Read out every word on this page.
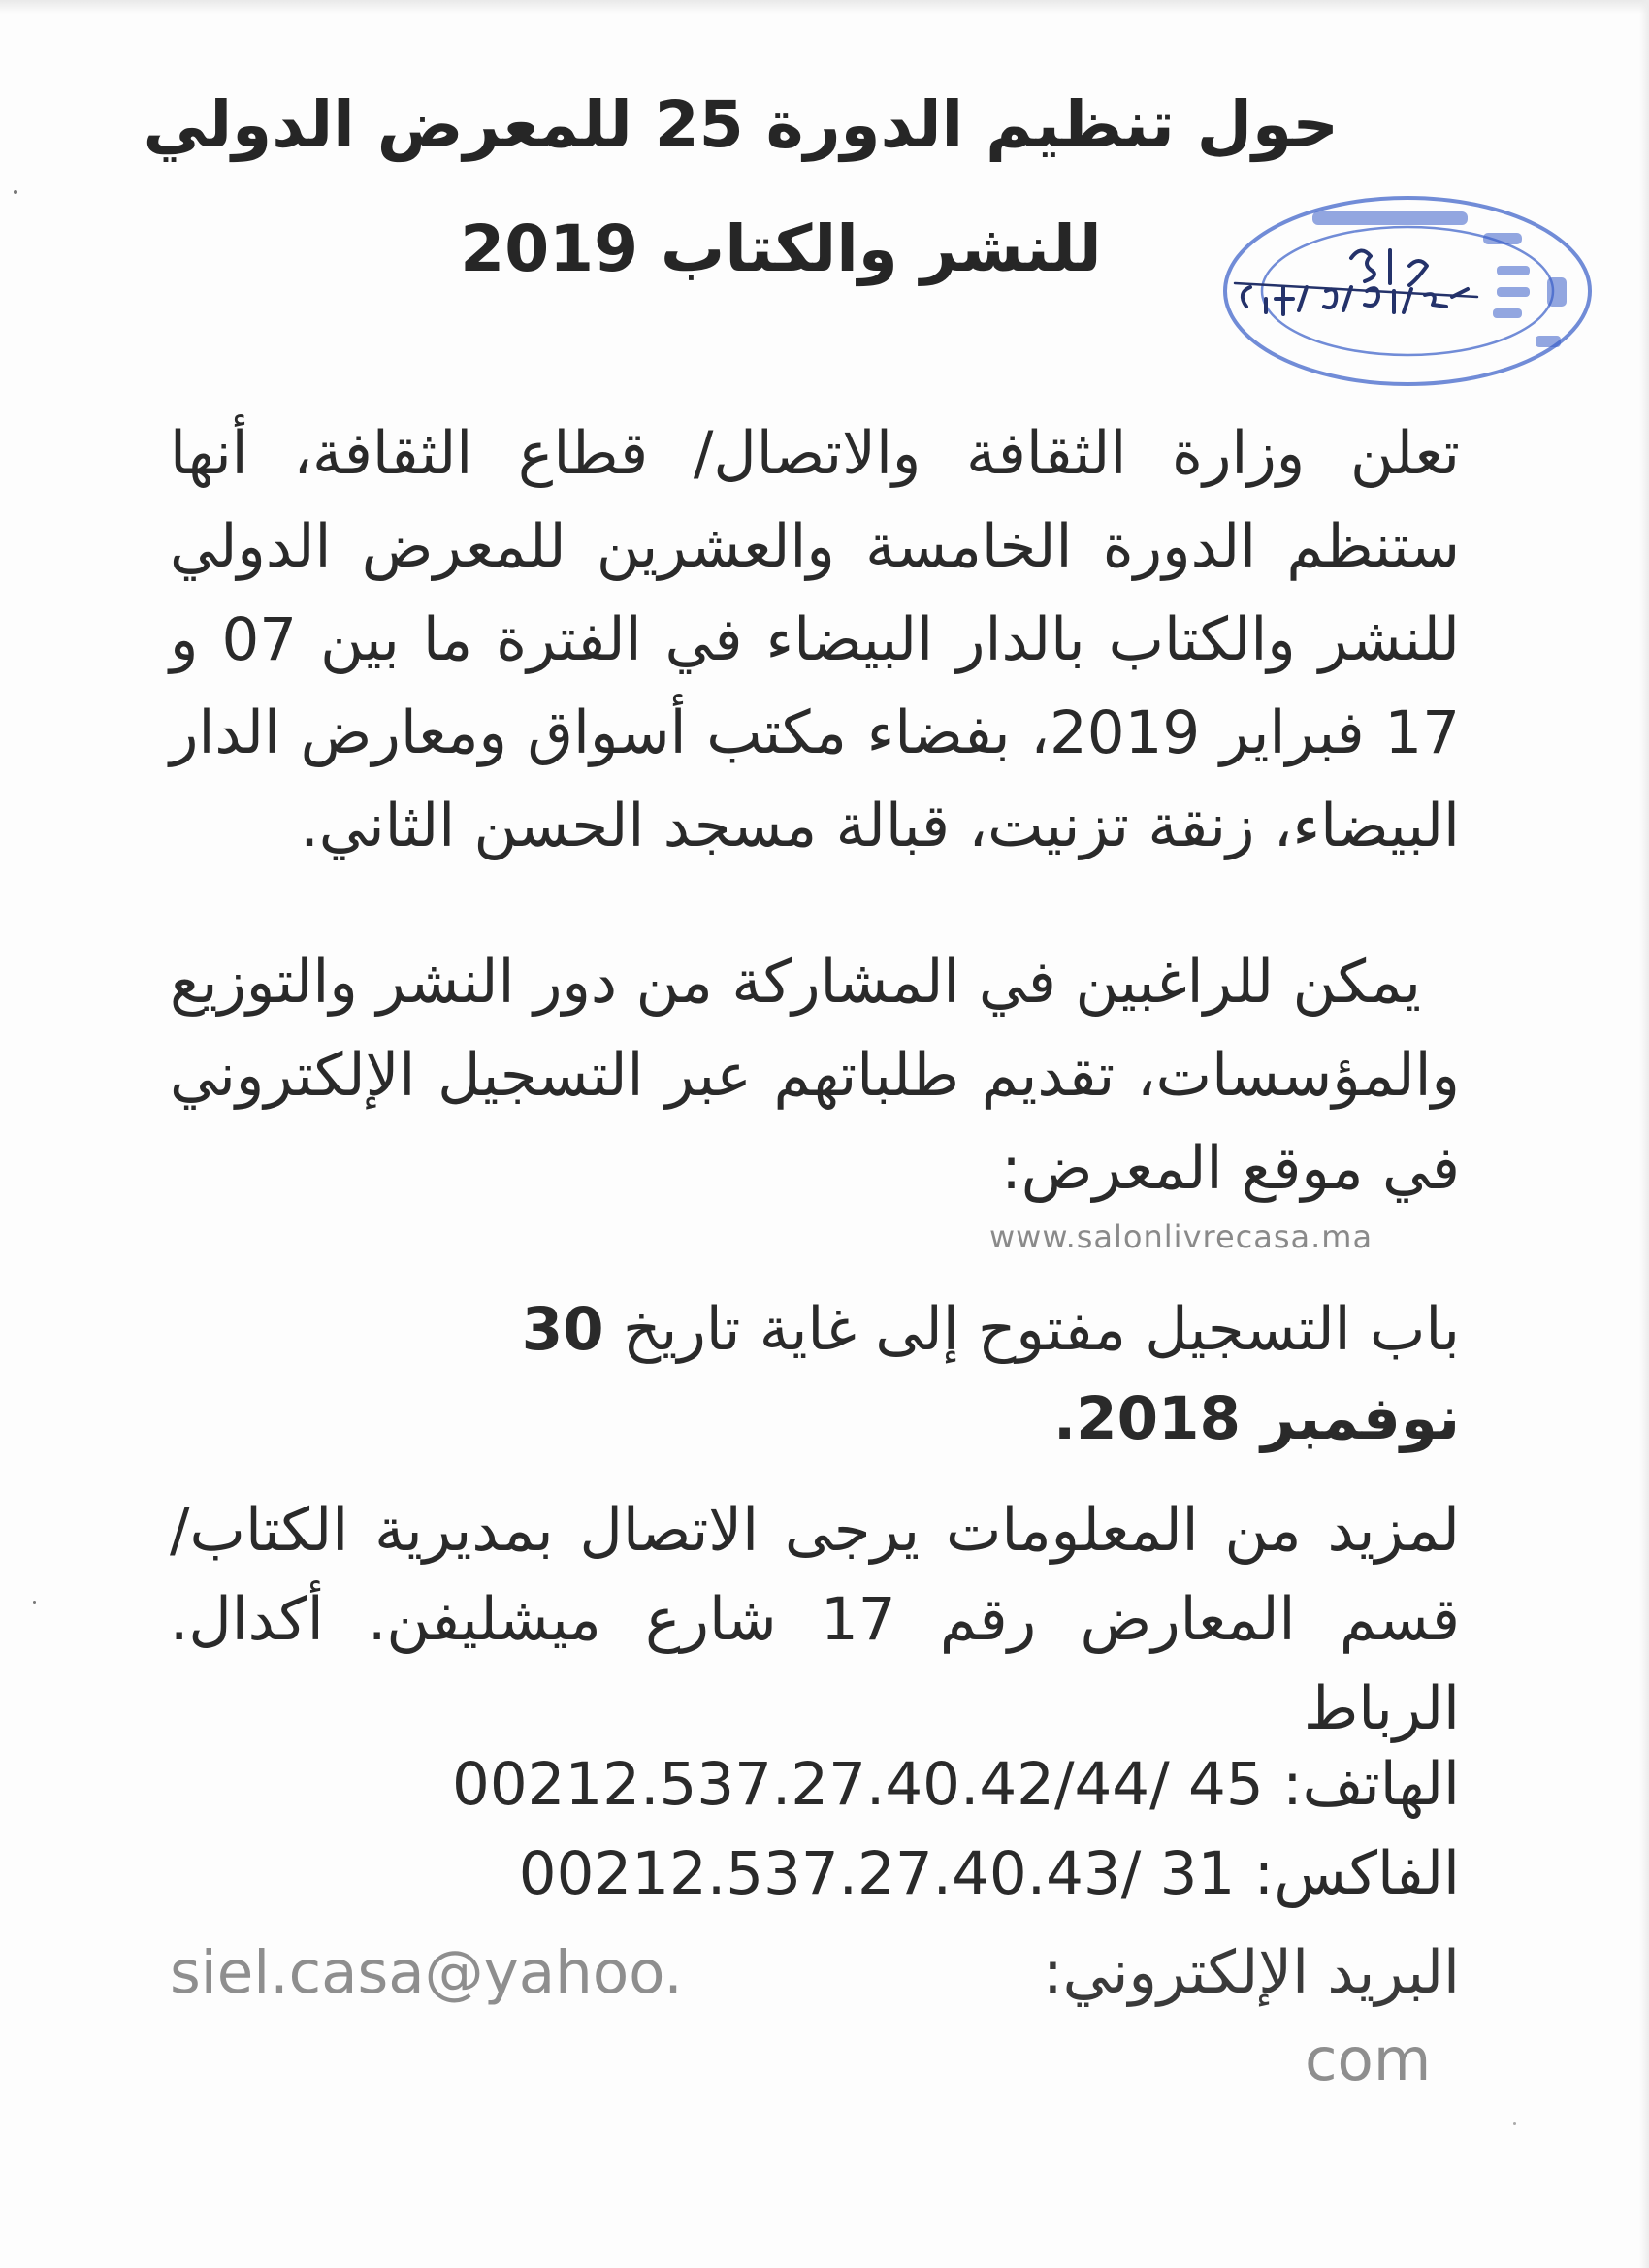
حول تنظيم الدورة 25 للمعرض الدولي
للنشر والكتاب 2019
تعلن وزارة الثقافة والاتصال/ قطاع الثقافة، أنها ستنظم الدورة الخامسة والعشرين للمعرض الدولي للنشر والكتاب بالدار البيضاء في الفترة ما بين 07 و 17 فبراير 2019، بفضاء مكتب أسواق ومعارض الدار البيضاء، زنقة تزنيت، قبالة مسجد الحسن الثاني.
يمكن للراغبين في المشاركة من دور النشر والتوزيع والمؤسسات، تقديم طلباتهم عبر التسجيل الإلكتروني في موقع المعرض:
www.salonlivrecasa.ma
باب التسجيل مفتوح إلى غاية تاريخ 30
نوفمبر 2018.
لمزيد من المعلومات يرجى الاتصال بمديرية الكتاب/ قسم المعارض رقم 17 شارع ميشليفن. أكدال. الرباط
الهاتف: 00212.537.27.40.42/44/ 45
الفاكس: 00212.537.27.40.43/ 31
البريد الإلكتروني:
siel.casa@yahoo.
com
